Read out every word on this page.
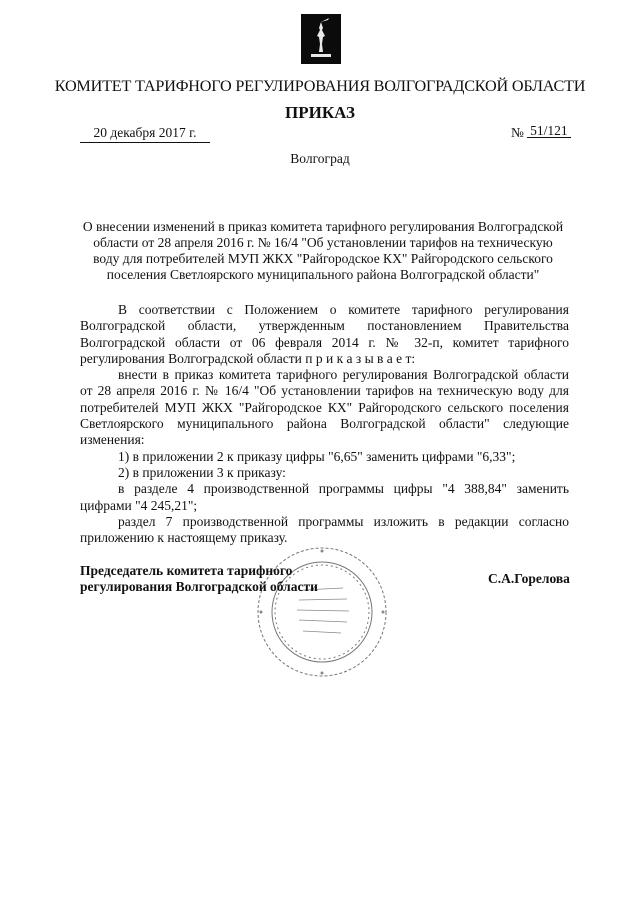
КОМИТЕТ ТАРИФНОГО РЕГУЛИРОВАНИЯ ВОЛГОГРАДСКОЙ ОБЛАСТИ
ПРИКАЗ
20 декабря 2017 г.	№ 51/121
Волгоград
О внесении изменений в приказ комитета тарифного регулирования Волгоградской области от 28 апреля 2016 г. № 16/4 "Об установлении тарифов на техническую воду для потребителей МУП ЖКХ "Райгородское КХ" Райгородского сельского поселения Светлоярского муниципального района Волгоградской области"

В соответствии с Положением о комитете тарифного регулирования Волгоградской области, утвержденным постановлением Правительства Волгоградской области от 06 февраля 2014 г. № 32-п, комитет тарифного регулирования Волгоградской области п р и к а з ы в а е т:

внести в приказ комитета тарифного регулирования Волгоградской области от 28 апреля 2016 г. № 16/4 "Об установлении тарифов на техническую воду для потребителей МУП ЖКХ "Райгородское КХ" Райгородского сельского поселения Светлоярского муниципального района Волгоградской области" следующие изменения:

1) в приложении 2 к приказу цифры "6,65" заменить цифрами "6,33";

2) в приложении 3 к приказу:

в разделе 4 производственной программы цифры "4 388,84" заменить цифрами "4 245,21";

раздел 7 производственной программы изложить в редакции согласно приложению к настоящему приказу.

Председатель комитета тарифного
регулирования Волгоградской области
С.А.Горелова
